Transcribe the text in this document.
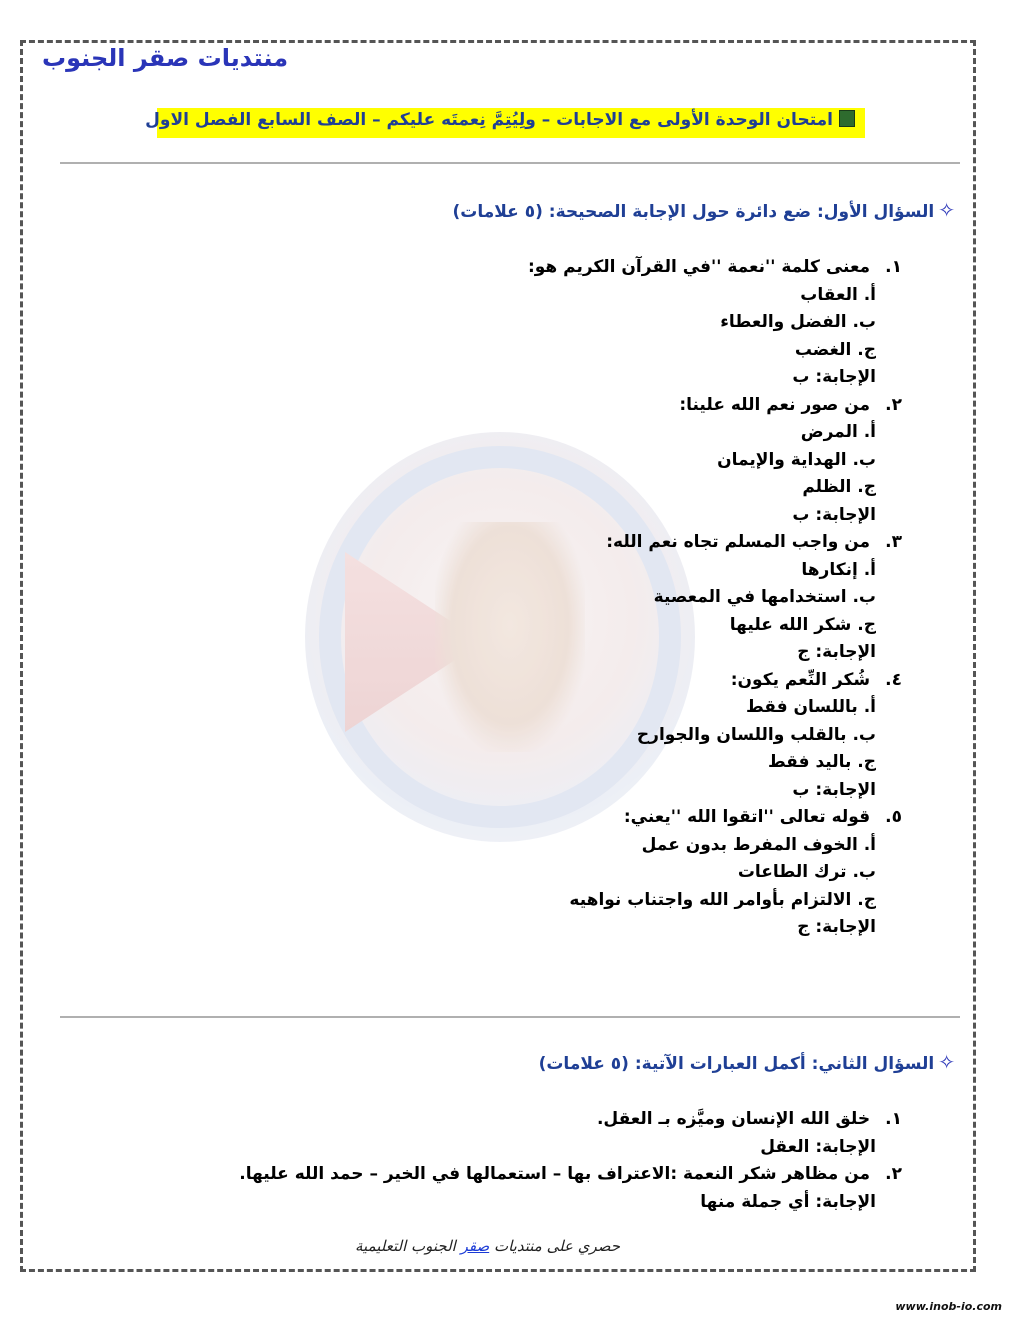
منتديات صقر الجنوب
امتحان الوحدة الأولى مع الاجابات – ولِيُتِمَّ نِعمتَه عليكم – الصف السابع الفصل الاول
✧السؤال الأول: ضع دائرة حول الإجابة الصحيحة: (٥ علامات)
١. معنى كلمة ''نعمة ''في القرآن الكريم هو:
أ. العقاب
ب. الفضل والعطاء
ج. الغضب
الإجابة: ب
٢. من صور نعم الله علينا:
أ. المرض
ب. الهداية والإيمان
ج. الظلم
الإجابة: ب
٣. من واجب المسلم تجاه نعم الله:
أ. إنكارها
ب. استخدامها في المعصية
ج. شكر الله عليها
الإجابة: ج
٤. شُكر النِّعم يكون:
أ. باللسان فقط
ب. بالقلب واللسان والجوارح
ج. باليد فقط
الإجابة: ب
٥. قوله تعالى ''اتقوا الله ''يعني:
أ. الخوف المفرط بدون عمل
ب. ترك الطاعات
ج. الالتزام بأوامر الله واجتناب نواهيه
الإجابة: ج
✧السؤال الثاني: أكمل العبارات الآتية: (٥ علامات)
١. خلق الله الإنسان وميَّزه بـ العقل.
الإجابة: العقل
٢. من مظاهر شكر النعمة :الاعتراف بها – استعمالها في الخير – حمد الله عليها.
الإجابة: أي جملة منها
حصري على منتديات صقر الجنوب التعليمية
www.inob-io.com
